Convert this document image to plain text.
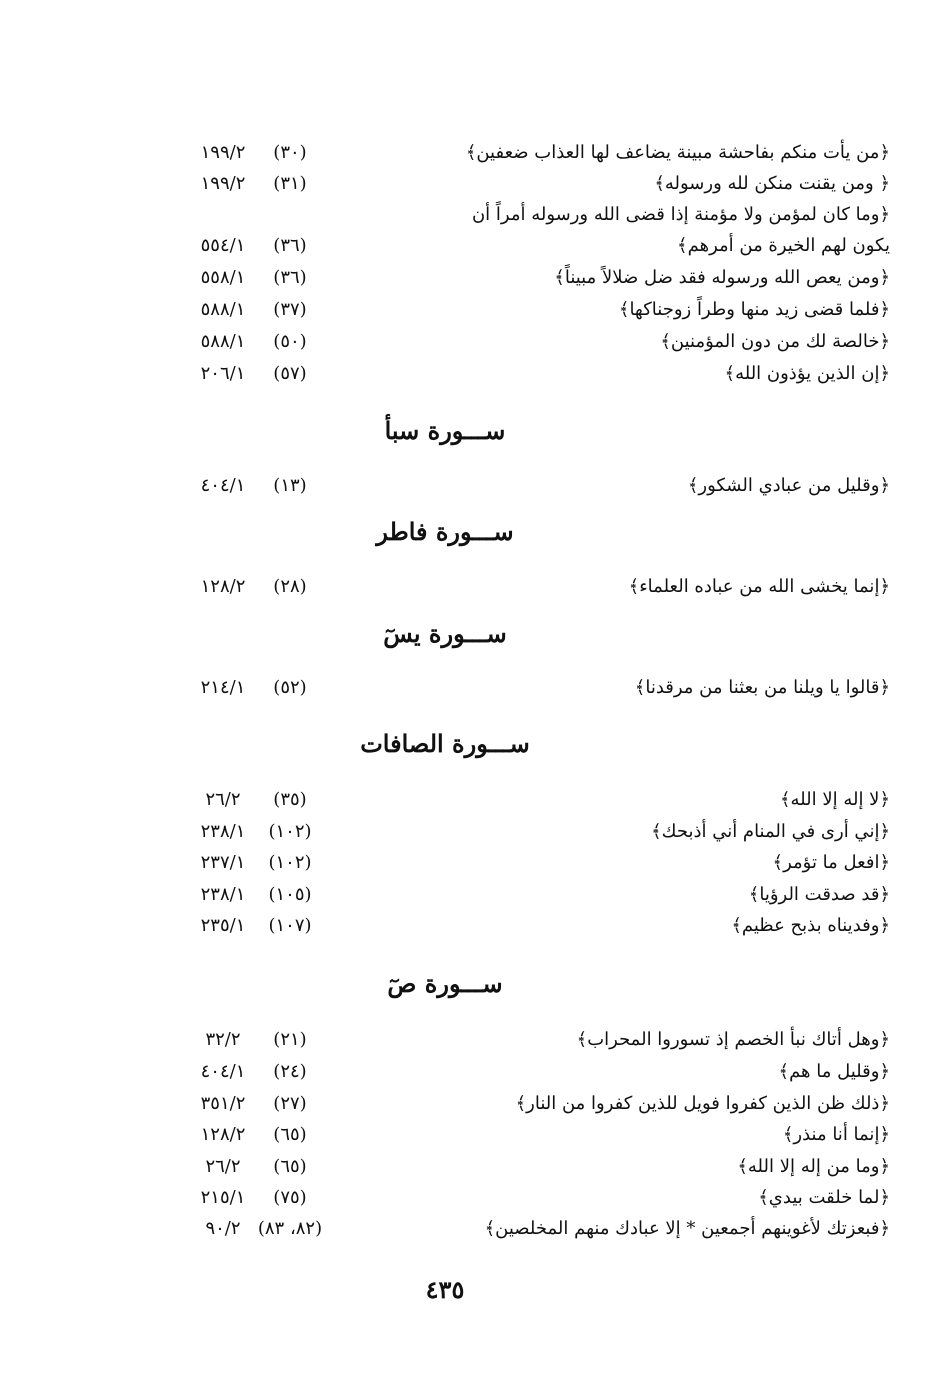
﴿من يأت منكم بفاحشة مبينة يضاعف لها العذاب ضعفين﴾
(٣٠)
١٩٩/٢
﴿ ومن يقنت منكن لله ورسوله﴾
(٣١)
١٩٩/٢
﴿وما كان لمؤمن ولا مؤمنة إذا قضى الله ورسوله أمراً أن
يكون لهم الخيرة من أمرهم﴾
(٣٦)
٥٥٤/١
﴿ومن يعص الله ورسوله فقد ضل ضلالاً مبيناً﴾
(٣٦)
٥٥٨/١
﴿فلما قضى زيد منها وطراً زوجناكها﴾
(٣٧)
٥٨٨/١
﴿خالصة لك من دون المؤمنين﴾
(٥٠)
٥٨٨/١
﴿إن الذين يؤذون الله﴾
(٥٧)
٢٠٦/١
ســـورة سبأ
﴿وقليل من عبادي الشكور﴾
(١٣)
٤٠٤/١
ســـورة فاطر
﴿إنما يخشى الله من عباده العلماء﴾
(٢٨)
١٢٨/٢
ســـورة يسٓ
﴿قالوا يا ويلنا من بعثنا من مرقدنا﴾
(٥٢)
٢١٤/١
ســـورة الصافات
﴿لا إله إلا الله﴾
(٣٥)
٢٦/٢
﴿إني أرى في المنام أني أذبحك﴾
(١٠٢)
٢٣٨/١
﴿افعل ما تؤمر﴾
(١٠٢)
٢٣٧/١
﴿قد صدقت الرؤيا﴾
(١٠٥)
٢٣٨/١
﴿وفديناه بذبح عظيم﴾
(١٠٧)
٢٣٥/١
ســـورة صٓ
﴿وهل أتاك نبأ الخصم إذ تسوروا المحراب﴾
(٢١)
٣٢/٢
﴿وقليل ما هم﴾
(٢٤)
٤٠٤/١
﴿ذلك ظن الذين كفروا فويل للذين كفروا من النار﴾
(٢٧)
٣٥١/٢
﴿إنما أنا منذر﴾
(٦٥)
١٢٨/٢
﴿وما من إله إلا الله﴾
(٦٥)
٢٦/٢
﴿لما خلقت بيدي﴾
(٧٥)
٢١٥/١
﴿فبعزتك لأغوينهم أجمعين * إلا عبادك منهم المخلصين﴾
(٨٢، ٨٣)
٩٠/٢
٤٣٥
